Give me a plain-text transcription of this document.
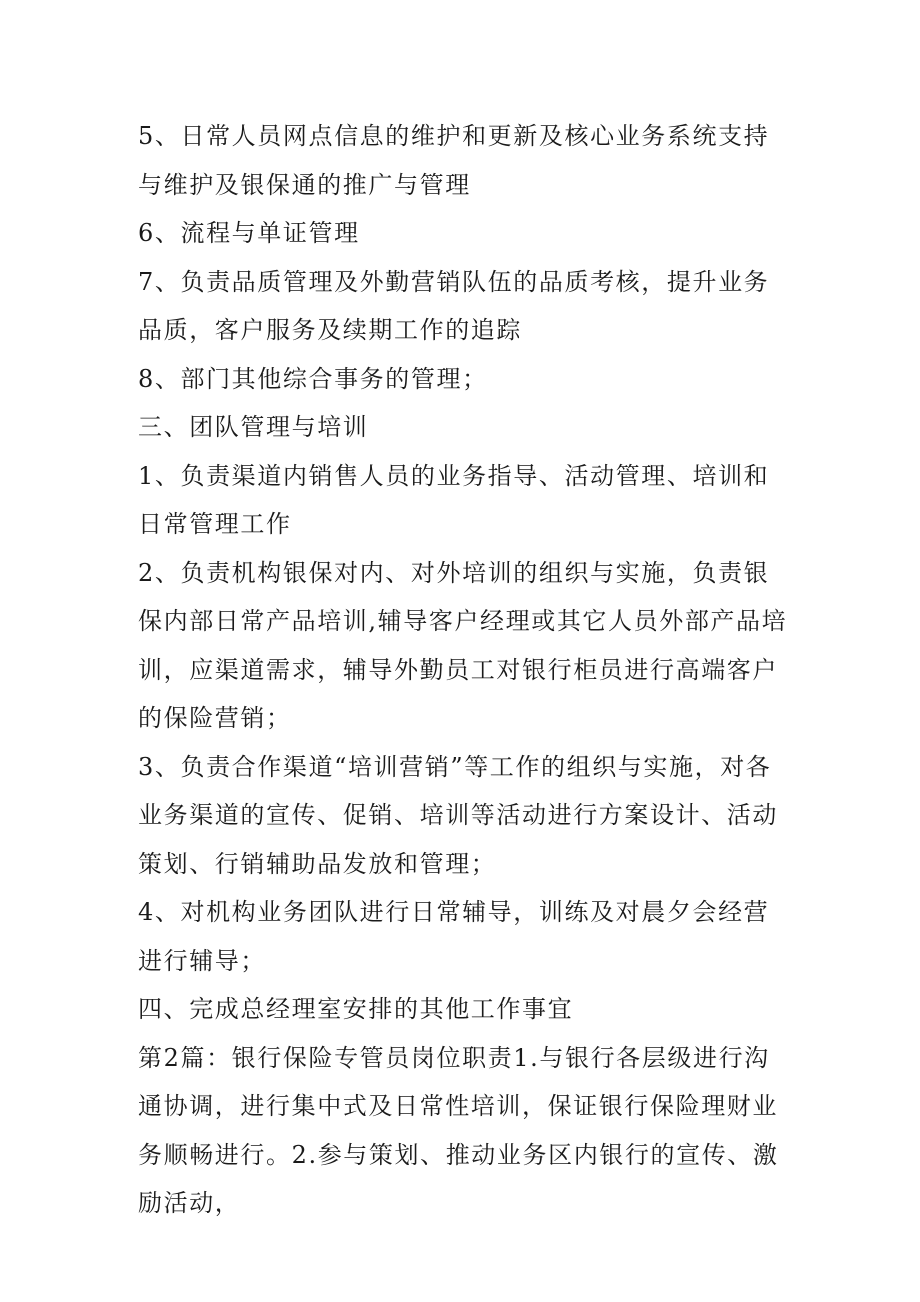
5、日常人员网点信息的维护和更新及核心业务系统支持与维护及银保通的推广与管理

6、流程与单证管理

7、负责品质管理及外勤营销队伍的品质考核，提升业务品质，客户服务及续期工作的追踪

8、部门其他综合事务的管理；

三、团队管理与培训

1、负责渠道内销售人员的业务指导、活动管理、培训和日常管理工作

2、负责机构银保对内、对外培训的组织与实施，负责银保内部日常产品培训,辅导客户经理或其它人员外部产品培训，应渠道需求，辅导外勤员工对银行柜员进行高端客户的保险营销；

3、负责合作渠道“培训营销”等工作的组织与实施，对各业务渠道的宣传、促销、培训等活动进行方案设计、活动策划、行销辅助品发放和管理；

4、对机构业务团队进行日常辅导，训练及对晨夕会经营进行辅导；

四、完成总经理室安排的其他工作事宜

第2篇：银行保险专管员岗位职责1.与银行各层级进行沟通协调，进行集中式及日常性培训，保证银行保险理财业务顺畅进行。2.参与策划、推动业务区内银行的宣传、激励活动，
